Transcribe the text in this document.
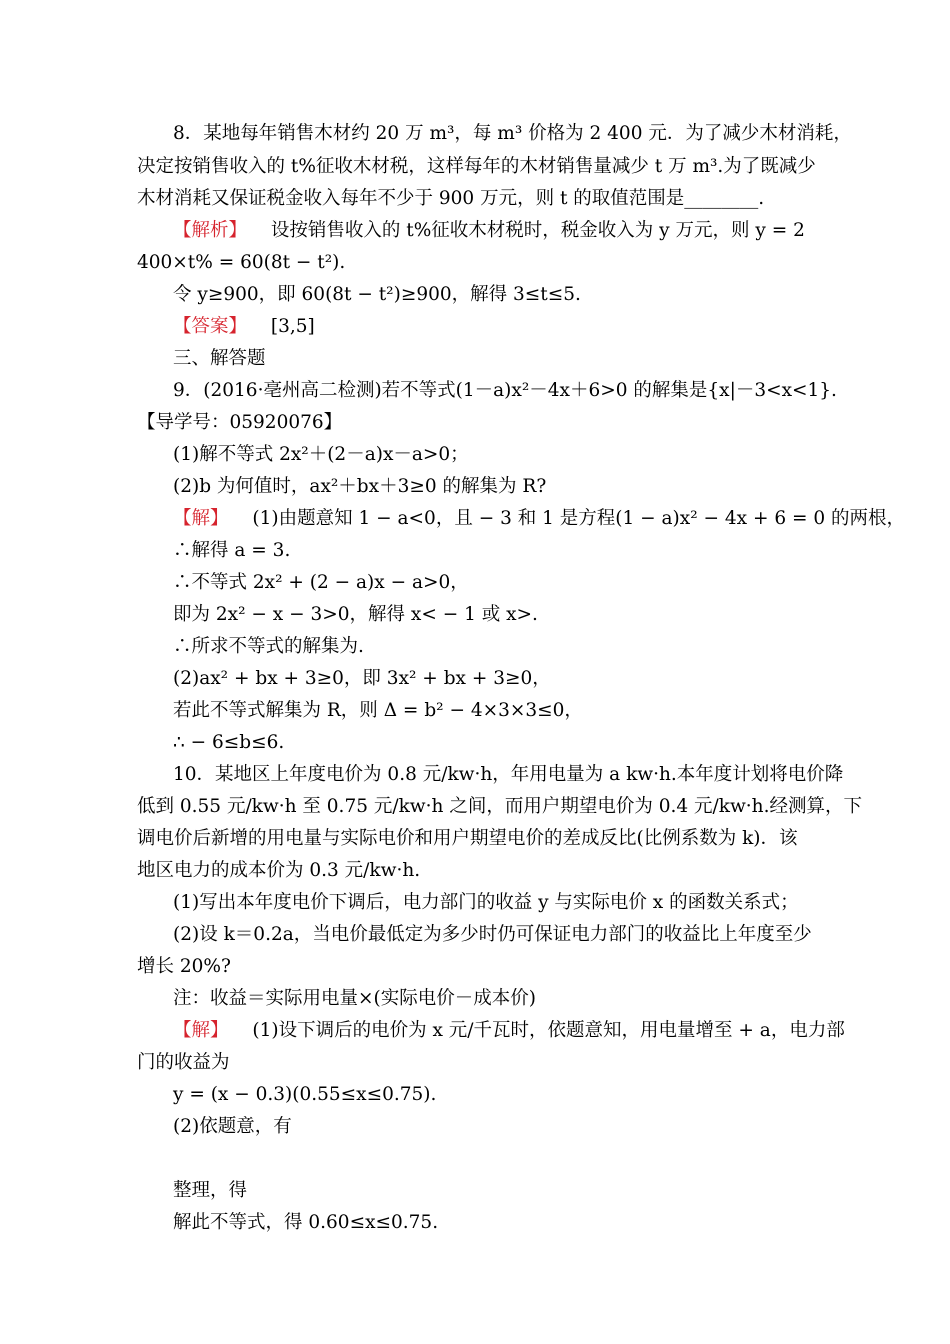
8．某地每年销售木材约 20 万 m³，每 m³ 价格为 2 400 元．为了减少木材消耗，
决定按销售收入的 t%征收木材税，这样每年的木材销售量减少 t 万 m³.为了既减少
木材消耗又保证税金收入每年不少于 900 万元，则 t 的取值范围是________.
【解析】 设按销售收入的 t%征收木材税时，税金收入为 y 万元，则 y = 2
400×t% = 60(8t − t²).
令 y≥900，即 60(8t − t²)≥900，解得 3≤t≤5.
【答案】 [3,5]
三、解答题
9．(2016·亳州高二检测)若不等式(1－a)x²－4x＋6>0 的解集是{x|－3<x<1}.
【导学号：05920076】
(1)解不等式 2x²＋(2－a)x－a>0；
(2)b 为何值时，ax²＋bx＋3≥0 的解集为 R?
【解】 (1)由题意知 1 − a<0，且 − 3 和 1 是方程(1 − a)x² − 4x + 6 = 0 的两根，
∴解得 a = 3.
∴不等式 2x² + (2 − a)x − a>0，
即为 2x² − x − 3>0，解得 x< − 1 或 x>.
∴所求不等式的解集为.
(2)ax² + bx + 3≥0，即 3x² + bx + 3≥0，
若此不等式解集为 R，则 Δ = b² − 4×3×3≤0，
∴ − 6≤b≤6.
10．某地区上年度电价为 0.8 元/kw·h，年用电量为 a kw·h.本年度计划将电价降
低到 0.55 元/kw·h 至 0.75 元/kw·h 之间，而用户期望电价为 0.4 元/kw·h.经测算，下
调电价后新增的用电量与实际电价和用户期望电价的差成反比(比例系数为 k)．该
地区电力的成本价为 0.3 元/kw·h.
(1)写出本年度电价下调后，电力部门的收益 y 与实际电价 x 的函数关系式；
(2)设 k＝0.2a，当电价最低定为多少时仍可保证电力部门的收益比上年度至少
增长 20%?
注：收益＝实际用电量×(实际电价－成本价)
【解】 (1)设下调后的电价为 x 元/千瓦时，依题意知，用电量增至 + a，电力部
门的收益为
y = (x − 0.3)(0.55≤x≤0.75).
(2)依题意，有
整理，得
解此不等式，得 0.60≤x≤0.75.
